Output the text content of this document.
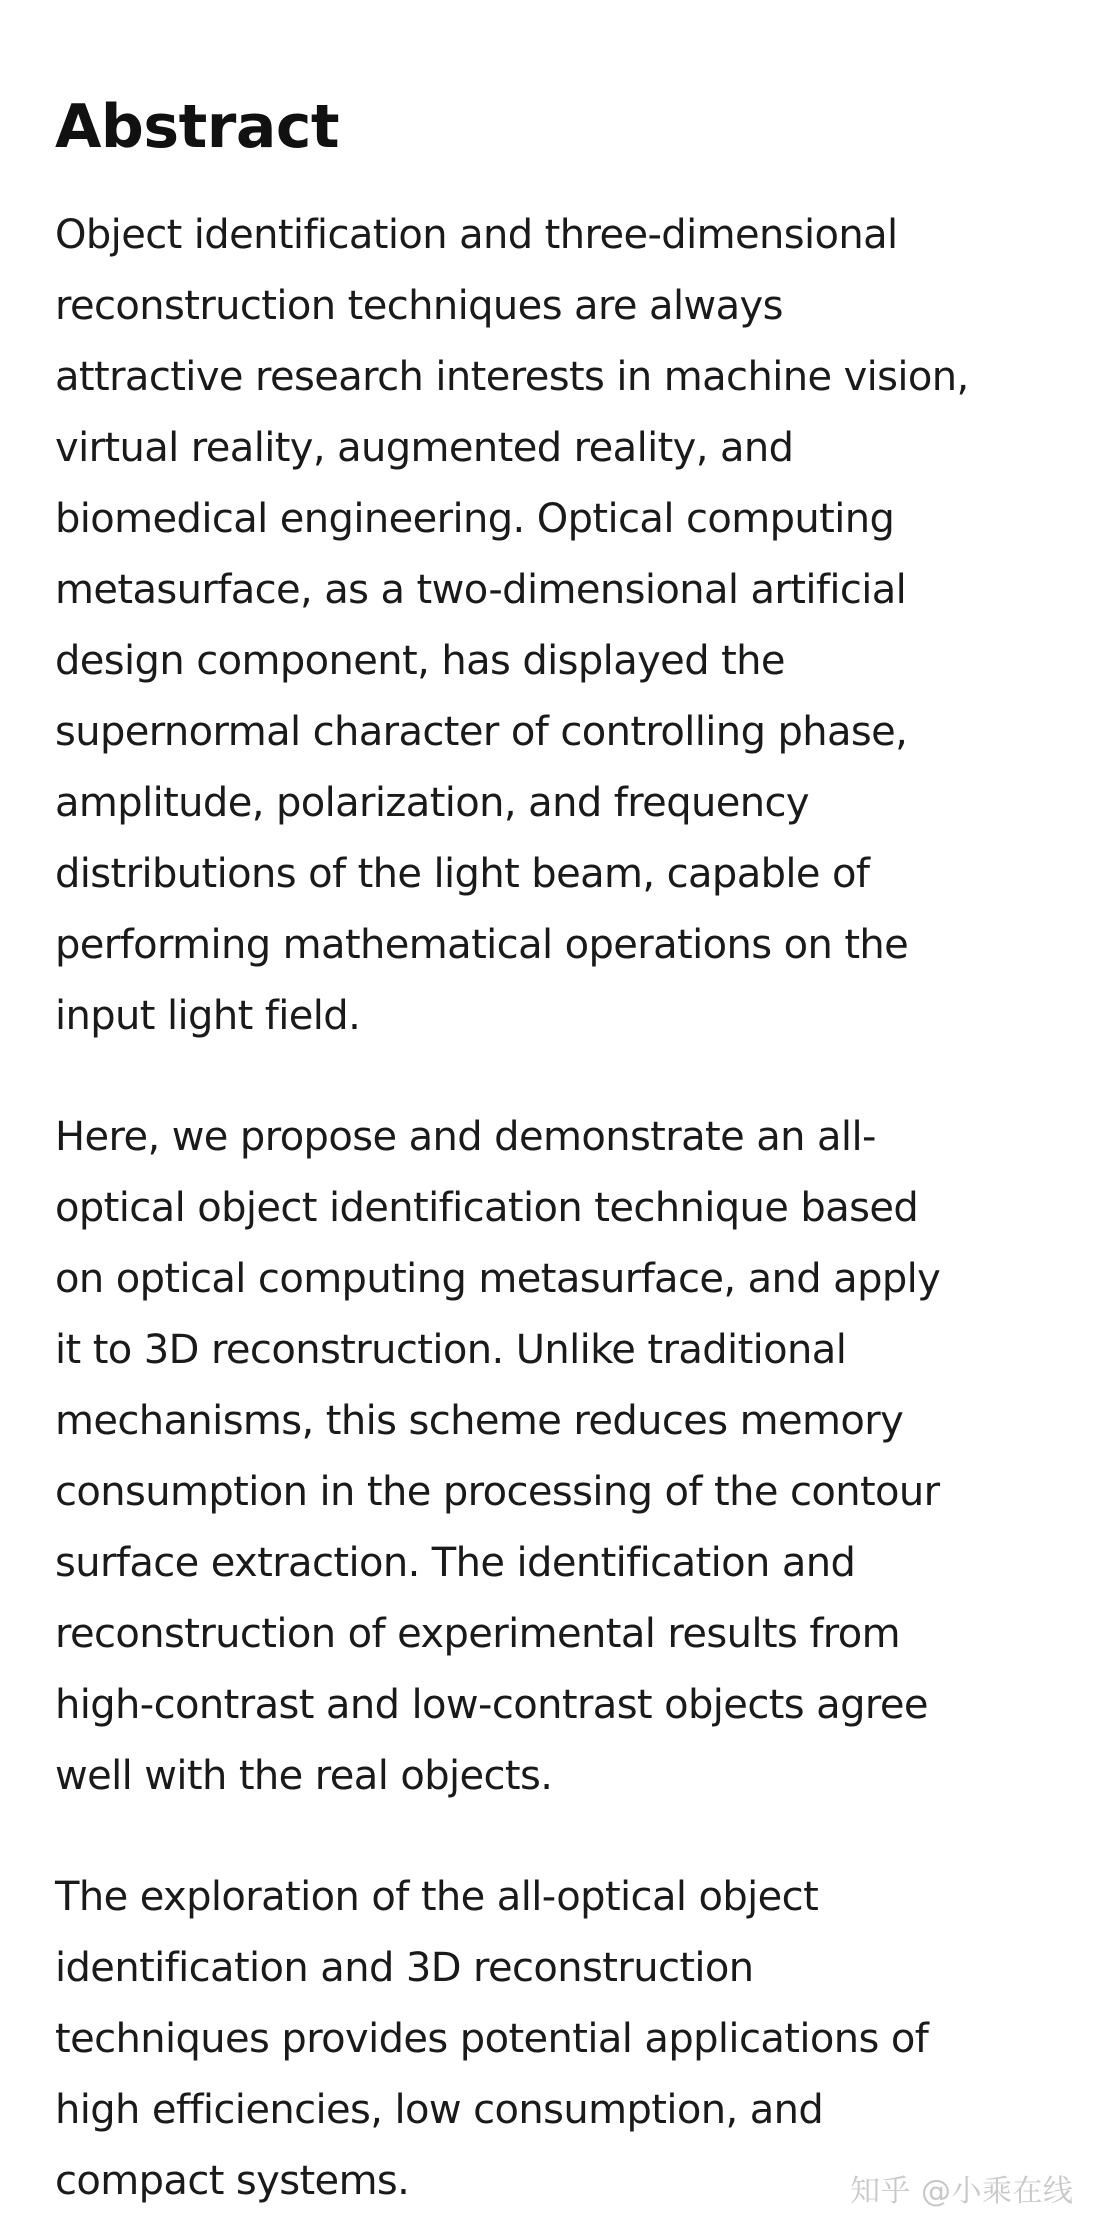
Abstract

Object identification and three-dimensional
reconstruction techniques are always
attractive research interests in machine vision,
virtual reality, augmented reality, and
biomedical engineering. Optical computing
metasurface, as a two-dimensional artificial
design component, has displayed the
supernormal character of controlling phase,
amplitude, polarization, and frequency
distributions of the light beam, capable of
performing mathematical operations on the
input light field.

Here, we propose and demonstrate an all-
optical object identification technique based
on optical computing metasurface, and apply
it to 3D reconstruction. Unlike traditional
mechanisms, this scheme reduces memory
consumption in the processing of the contour
surface extraction. The identification and
reconstruction of experimental results from
high-contrast and low-contrast objects agree
well with the real objects.

The exploration of the all-optical object
identification and 3D reconstruction
techniques provides potential applications of
high efficiencies, low consumption, and
compact systems.	知乎 @小乘在线
